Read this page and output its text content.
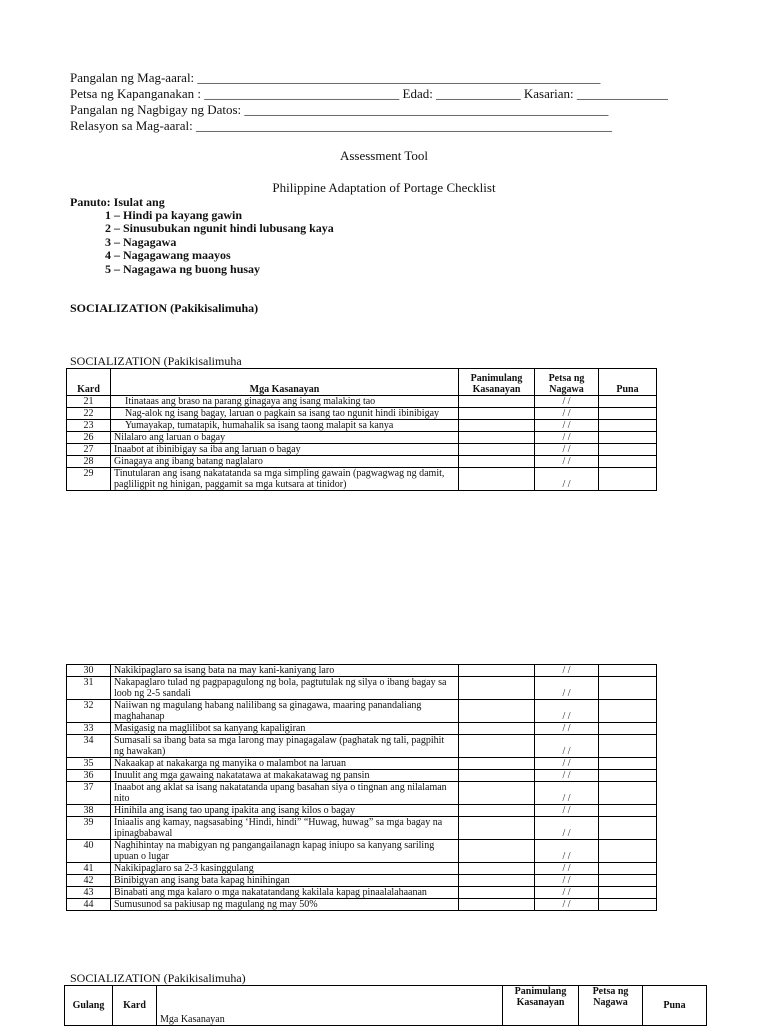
Pangalan ng Mag-aaral: ______________________________________________________________
Petsa ng Kapanganakan : ______________________________ Edad: _____________ Kasarian: ______________
Pangalan ng Nagbigay ng Datos: ________________________________________________________
Relasyon sa Mag-aaral: ________________________________________________________________
Assessment Tool
Philippine Adaptation of Portage Checklist
Panuto: Isulat ang
1 – Hindi pa kayang gawin
2 – Sinusubukan ngunit hindi lubusang kaya
3 – Nagagawa
4 – Nagagawang maayos
5 – Nagagawa ng buong husay
SOCIALIZATION (Pakikisalimuha)
SOCIALIZATION (Pakikisalimuha
Kard	Mga Kasanayan	Panimulang Kasanayan	Petsa ng Nagawa	Puna
21	Itinataas ang braso na parang ginagaya ang isang malaking tao		/ /	
22	Nag-alok ng isang bagay, laruan o pagkain sa isang tao ngunit hindi ibinibigay		/ /	
23	Yumayakap, tumatapik, humahalik sa isang taong malapit sa kanya		/ /	
26	Nilalaro ang laruan o bagay		/ /	
27	Inaabot at ibinibigay sa iba ang laruan o bagay		/ /	
28	Ginagaya ang ibang batang naglalaro		/ /	
29	Tinutularan ang isang nakatatanda sa mga simpling gawain (pagwagwag ng damit, pagliligpit ng hinigan, paggamit sa mga kutsara at tinidor)		/ /	
30	Nakikipaglaro sa isang bata na may kani-kaniyang laro		/ /	
31	Nakapaglaro tulad ng pagpapagulong ng bola, pagtutulak ng silya o ibang bagay sa loob ng 2-5 sandali		/ /	
32	Naiiwan ng magulang habang nalilibang sa ginagawa, maaring panandaliang maghahanap		/ /	
33	Masigasig na maglilibot sa kanyang kapaligiran		/ /	
34	Sumasali sa ibang bata sa mga larong may pinagagalaw (paghatak ng tali, pagpihit ng hawakan)		/ /	
35	Nakaakap at nakakarga ng manyika o malambot na laruan		/ /	
36	Inuulit ang mga gawaing nakatatawa at makakatawag ng pansin		/ /	
37	Inaabot ang aklat sa isang nakatatanda upang basahan siya o tingnan ang nilalaman nito		/ /	
38	Hinihila ang isang tao upang ipakita ang isang kilos o bagay		/ /	
39	Iniaalis ang kamay, nagsasabing ‘Hindi, hindi” “Huwag, huwag” sa mga bagay na ipinagbabawal		/ /	
40	Naghihintay na mabigyan ng pangangailanagn kapag iniupo sa kanyang sariling upuan o lugar		/ /	
41	Nakikipaglaro sa 2-3 kasinggulang		/ /	
42	Binibigyan ang isang bata kapag hinihingan		/ /	
43	Binabati ang mga kalaro o mga nakatatandang kakilala kapag pinaalalahaanan		/ /	
44	Sumusunod sa pakiusap ng magulang ng may 50%		/ /	
SOCIALIZATION (Pakikisalimuha)
Gulang	Kard	Mga Kasanayan	Panimulang Kasanayan	Petsa ng Nagawa	Puna
